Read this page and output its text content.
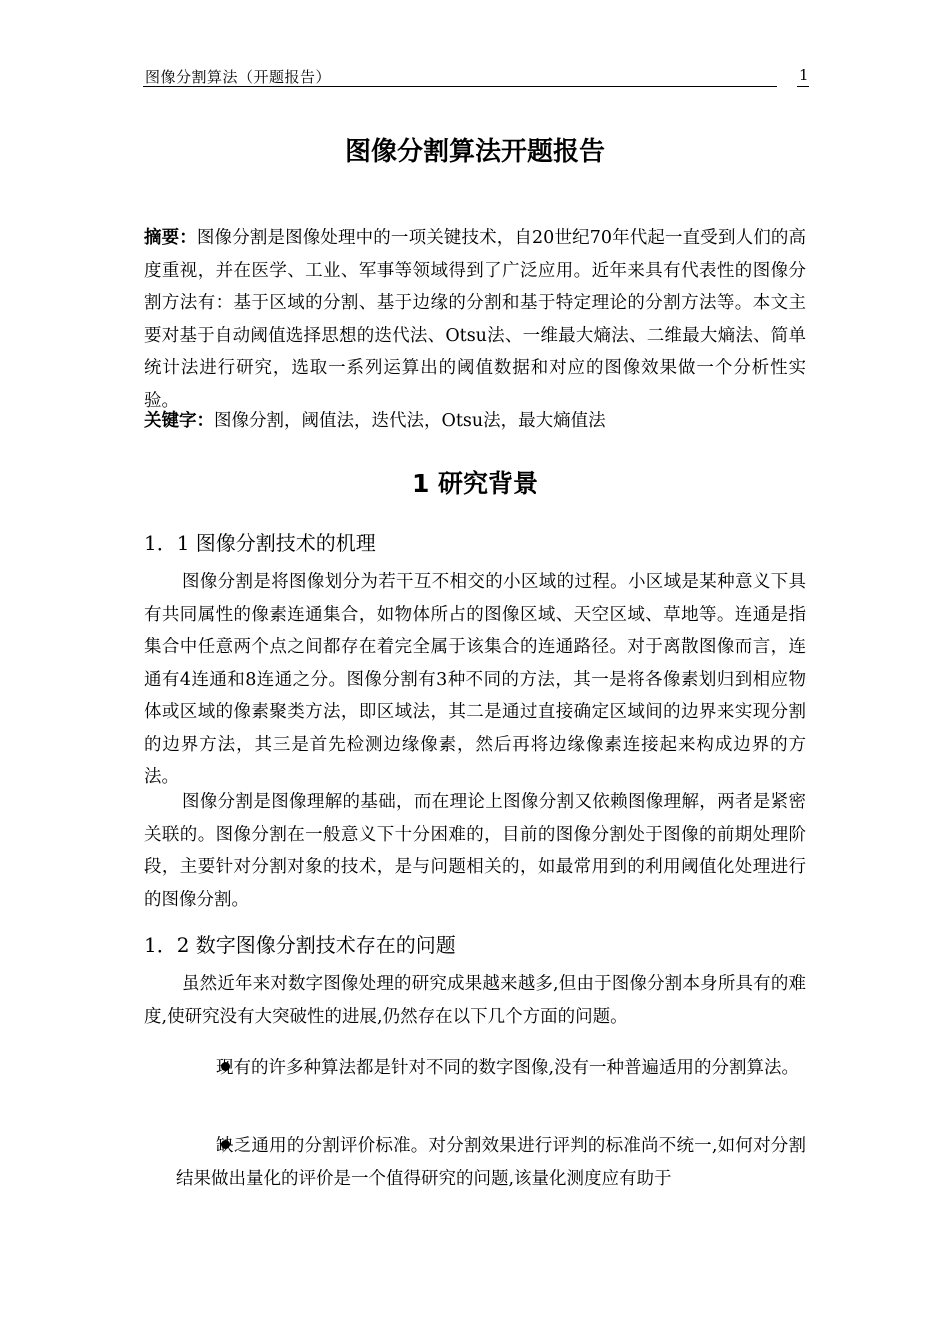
图像分割算法（开题报告）	1
图像分割算法开题报告

摘要：图像分割是图像处理中的一项关键技术，自20世纪70年代起一直受到人们的高度重视，并在医学、工业、军事等领域得到了广泛应用。近年来具有代表性的图像分割方法有：基于区域的分割、基于边缘的分割和基于特定理论的分割方法等。本文主要对基于自动阈值选择思想的迭代法、Otsu法、一维最大熵法、二维最大熵法、简单统计法进行研究，选取一系列运算出的阈值数据和对应的图像效果做一个分析性实验。

关键字：图像分割，阈值法，迭代法，Otsu法，最大熵值法

1 研究背景
1．1 图像分割技术的机理

图像分割是将图像划分为若干互不相交的小区域的过程。小区域是某种意义下具有共同属性的像素连通集合，如物体所占的图像区域、天空区域、草地等。连通是指集合中任意两个点之间都存在着完全属于该集合的连通路径。对于离散图像而言，连通有4连通和8连通之分。图像分割有3种不同的方法，其一是将各像素划归到相应物体或区域的像素聚类方法，即区域法，其二是通过直接确定区域间的边界来实现分割的边界方法，其三是首先检测边缘像素，然后再将边缘像素连接起来构成边界的方法。

图像分割是图像理解的基础，而在理论上图像分割又依赖图像理解，两者是紧密关联的。图像分割在一般意义下十分困难的，目前的图像分割处于图像的前期处理阶段，主要针对分割对象的技术，是与问题相关的，如最常用到的利用阈值化处理进行的图像分割。

1．2 数字图像分割技术存在的问题

虽然近年来对数字图像处理的研究成果越来越多,但由于图像分割本身所具有的难度,使研究没有大突破性的进展,仍然存在以下几个方面的问题。

现有的许多种算法都是针对不同的数字图像,没有一种普遍适用的分割算法。

缺乏通用的分割评价标准。对分割效果进行评判的标准尚不统一,如何对分割结果做出量化的评价是一个值得研究的问题,该量化测度应有助于
